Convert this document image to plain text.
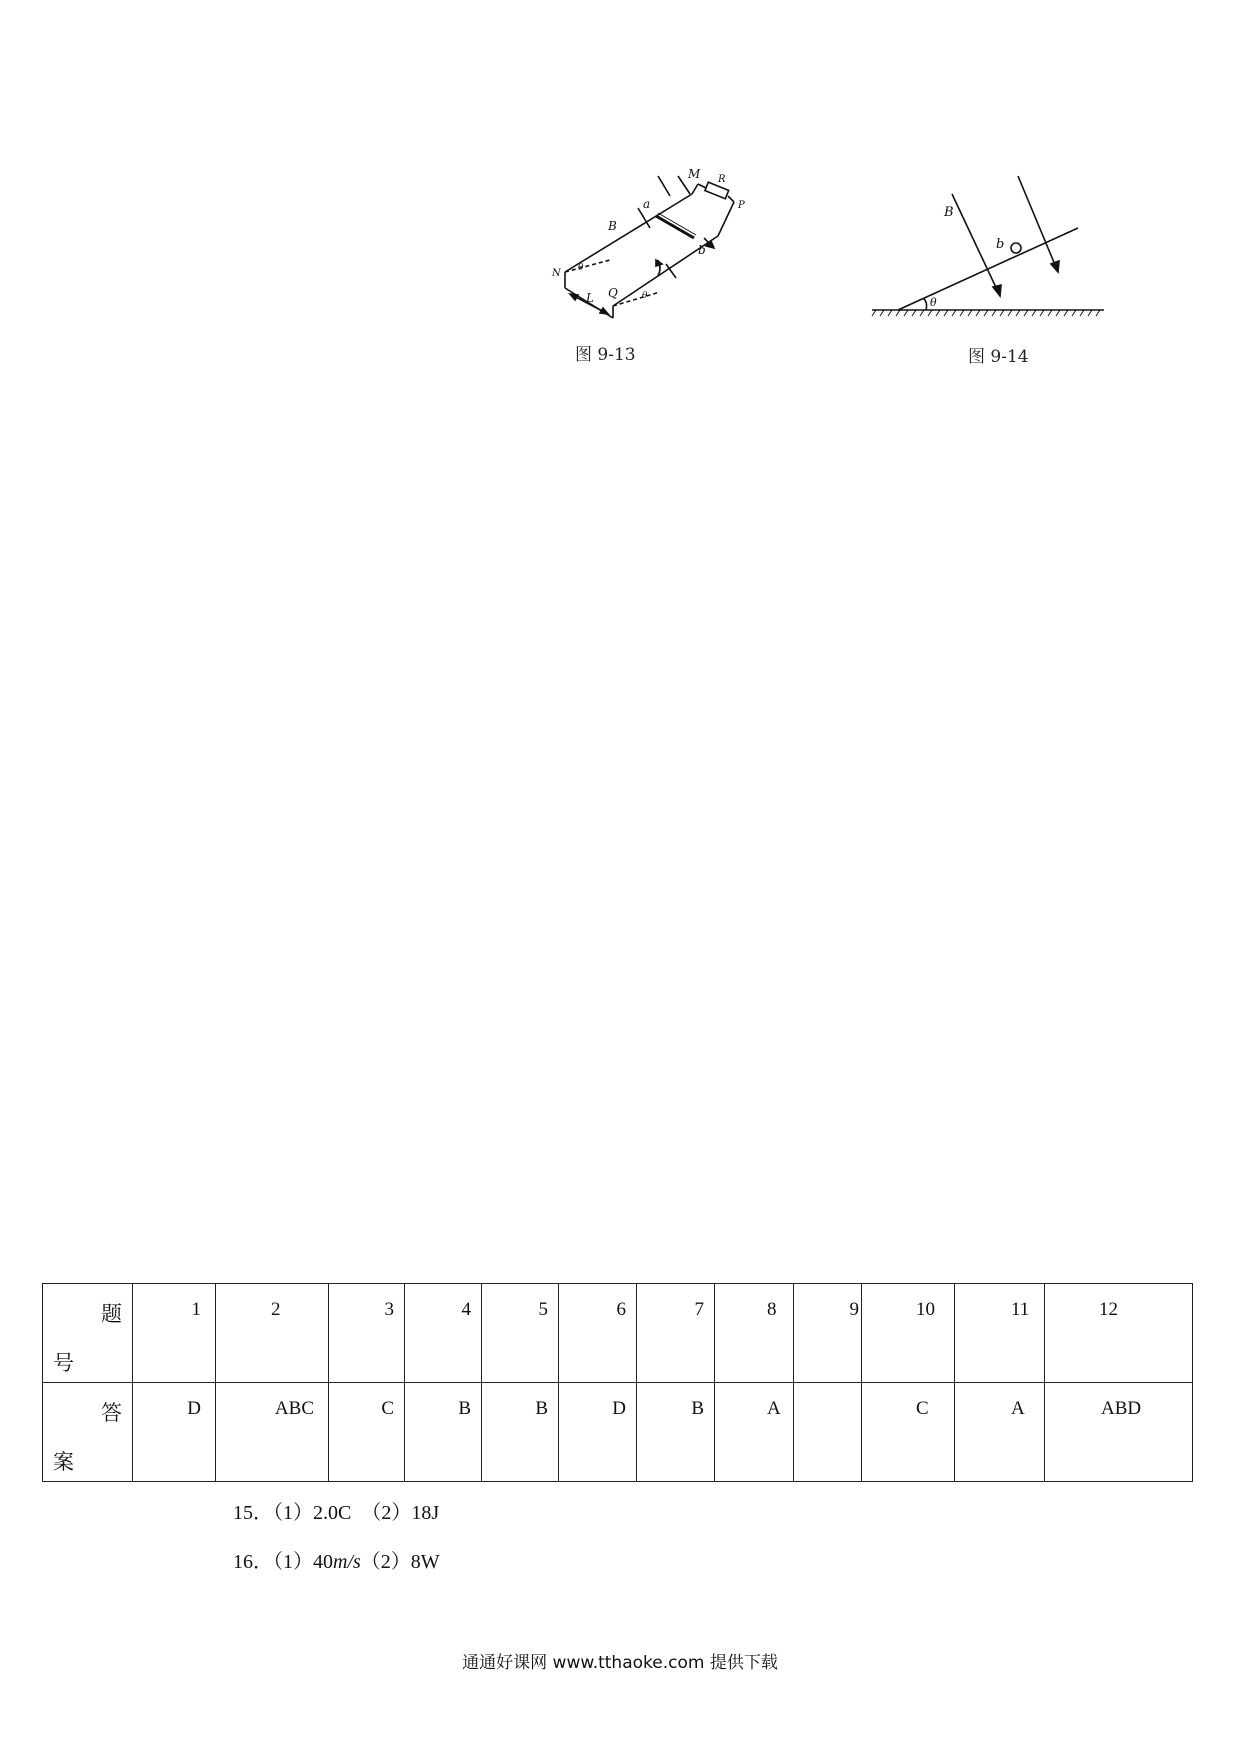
M R
P
a
b
B
N
L Q
θ
θ
图 9-13
B
b
θ
图 9-14
题
号	1	2	3	4	5	6	7	8	9	10	11	12

答
案	D	ABC	C	B	B	D	B	A		C	A	ABD
15．（1）2.0C （2）18J
16．（1）40m/s（2）8W
通通好课网 www.tthaoke.com 提供下载
